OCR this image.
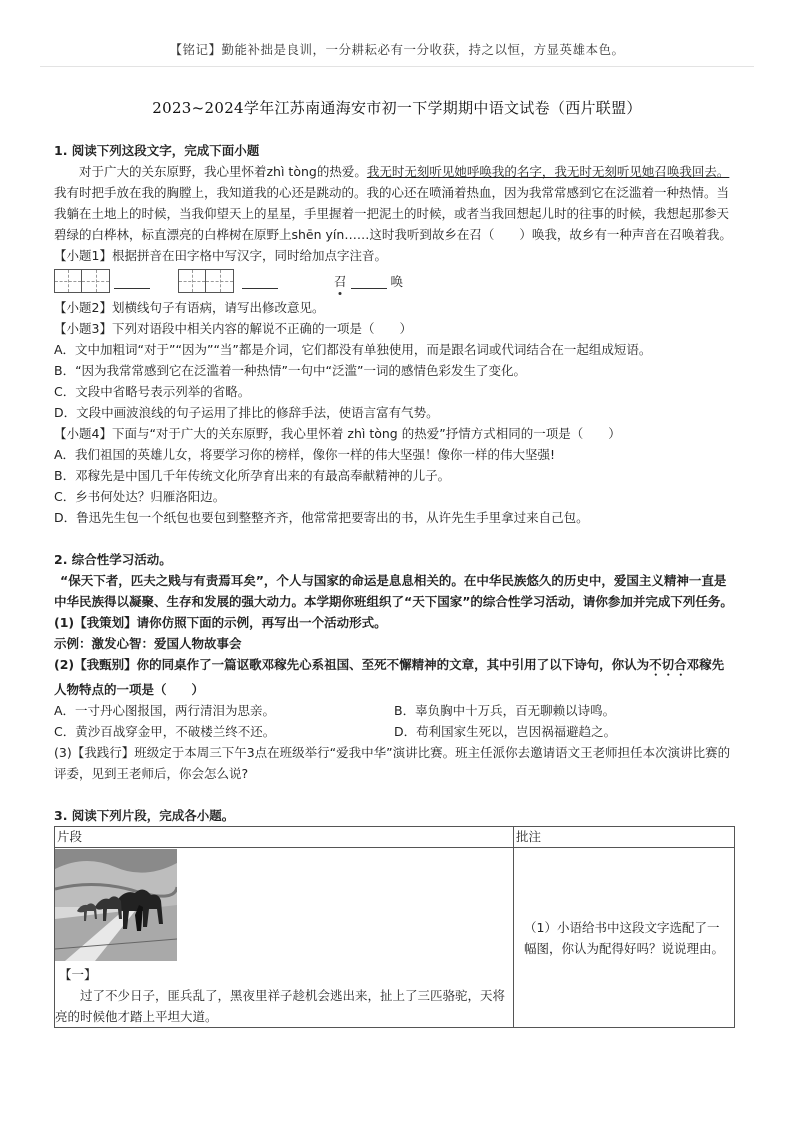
【铭记】勤能补拙是良训，一分耕耘必有一分收获，持之以恒，方显英雄本色。
2023~2024学年江苏南通海安市初一下学期期中语文试卷（西片联盟）

1. 阅读下列这段文字，完成下面小题

对于广大的关东原野，我心里怀着zhì tòng的热爱。我无时无刻听见她呼唤我的名字，我无时无刻听见她召唤我回去。我有时把手放在我的胸膛上，我知道我的心还是跳动的。我的心还在喷涌着热血，因为我常常感到它在泛滥着一种热情。当我躺在土地上的时候，当我仰望天上的星星，手里握着一把泥土的时候，或者当我回想起儿时的往事的时候，我想起那参天碧绿的白桦林，标直漂亮的白桦树在原野上shēn yín……这时我听到故乡在召（　　）唤我，故乡有一种声音在召唤着我。

【小题1】根据拼音在田字格中写汉字，同时给加点字注音。

召	唤

【小题2】划横线句子有语病，请写出修改意见。

【小题3】下列对语段中相关内容的解说不正确的一项是（　　）

A．文中加粗词“对于”“因为”“当”都是介词，它们都没有单独使用，而是跟名词或代词结合在一起组成短语。

B．“因为我常常感到它在泛滥着一种热情”一句中“泛滥”一词的感情色彩发生了变化。

C．文段中省略号表示列举的省略。

D．文段中画波浪线的句子运用了排比的修辞手法，使语言富有气势。

【小题4】下面与“对于广大的关东原野，我心里怀着 zhì tòng 的热爱”抒情方式相同的一项是（　　）

A．我们祖国的英雄儿女，将要学习你的榜样，像你一样的伟大坚强！像你一样的伟大坚强!

B．邓稼先是中国几千年传统文化所孕育出来的有最高奉献精神的儿子。

C．乡书何处达？归雁洛阳边。

D．鲁迅先生包一个纸包也要包到整整齐齐，他常常把要寄出的书，从许先生手里拿过来自己包。

2. 综合性学习活动。

“保天下者，匹夫之贱与有责焉耳矣”，个人与国家的命运是息息相关的。在中华民族悠久的历史中，爱国主义精神一直是中华民族得以凝聚、生存和发展的强大动力。本学期你班组织了“天下国家”的综合性学习活动，请你参加并完成下列任务。

(1)【我策划】请你仿照下面的示例，再写出一个活动形式。

示例：激发心智：爱国人物故事会

(2)【我甄别】你的同桌作了一篇讴歌邓稼先心系祖国、至死不懈精神的文章，其中引用了以下诗句，你认为不切合邓稼先人物特点的一项是（　　）

A．一寸丹心图报国，两行清泪为思亲。	B．辜负胸中十万兵，百无聊赖以诗鸣。

C．黄沙百战穿金甲，不破楼兰终不还。	D．苟利国家生死以，岂因祸福避趋之。

(3)【我践行】班级定于本周三下午3点在班级举行“爱我中华”演讲比赛。班主任派你去邀请语文王老师担任本次演讲比赛的评委，见到王老师后，你会怎么说?

3. 阅读下列片段，完成各小题。

片段	批注

【一】
过了不少日子，匪兵乱了，黑夜里祥子趁机会逃出来，扯上了三匹骆驼，天将亮的时候他才踏上平坦大道。	（1）小语给书中这段文字选配了一幅图，你认为配得好吗？说说理由。
